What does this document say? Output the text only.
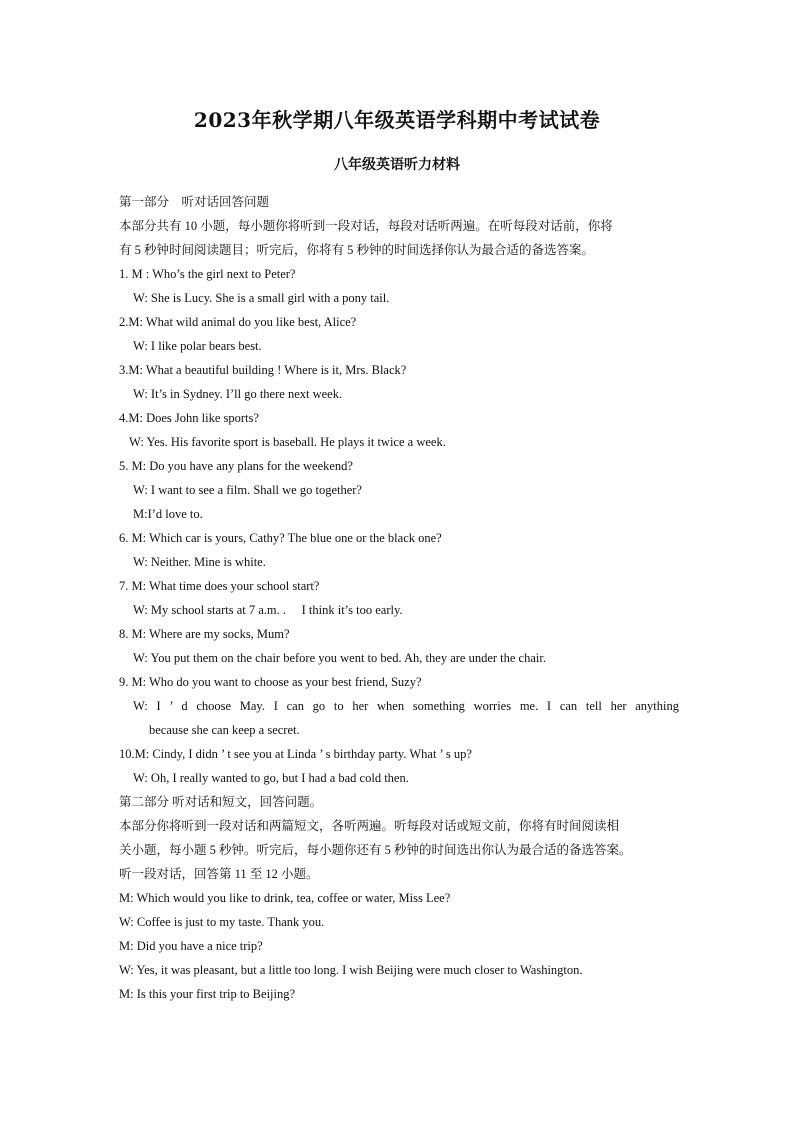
2023年秋学期八年级英语学科期中考试试卷
八年级英语听力材料
第一部分　听对话回答问题
本部分共有 10 小题，每小题你将听到一段对话，每段对话听两遍。在听每段对话前，你将
有 5 秒钟时间阅读题目；听完后，你将有 5 秒钟的时间选择你认为最合适的备选答案。
1. M : Who’s the girl next to Peter?
W: She is Lucy. She is a small girl with a pony tail.
2.M: What wild animal do you like best, Alice?
W: I like polar bears best.
3.M: What a beautiful building ! Where is it, Mrs. Black?
W: It’s in Sydney. I’ll go there next week.
4.M: Does John like sports?
W: Yes. His favorite sport is baseball. He plays it twice a week.
5. M: Do you have any plans for the weekend?
W: I want to see a film. Shall we go together?
M:I’d love to.
6. M: Which car is yours, Cathy? The blue one or the black one?
W: Neither. Mine is white.
7. M: What time does your school start?
W: My school starts at 7 a.m. .     I think it’s too early.
8. M: Where are my socks, Mum?
W: You put them on the chair before you went to bed. Ah, they are under the chair.
9. M: Who do you want to choose as your best friend, Suzy?
W: I ’ d choose May. I can go to her when something worries me. I can tell her anything
because she can keep a secret.
10.M: Cindy, I didn ’ t see you at Linda ’ s birthday party. What ’ s up?
W: Oh, I really wanted to go, but I had a bad cold then.
第二部分 听对话和短文，回答问题。
本部分你将听到一段对话和两篇短文，各听两遍。听每段对话或短文前，你将有时间阅读相
关小题，每小题 5 秒钟。听完后，每小题你还有 5 秒钟的时间选出你认为最合适的备选答案。
听一段对话，回答第 11 至 12 小题。
M: Which would you like to drink, tea, coffee or water, Miss Lee?
W: Coffee is just to my taste. Thank you.
M: Did you have a nice trip?
W: Yes, it was pleasant, but a little too long. I wish Beijing were much closer to Washington.
M: Is this your first trip to Beijing?
